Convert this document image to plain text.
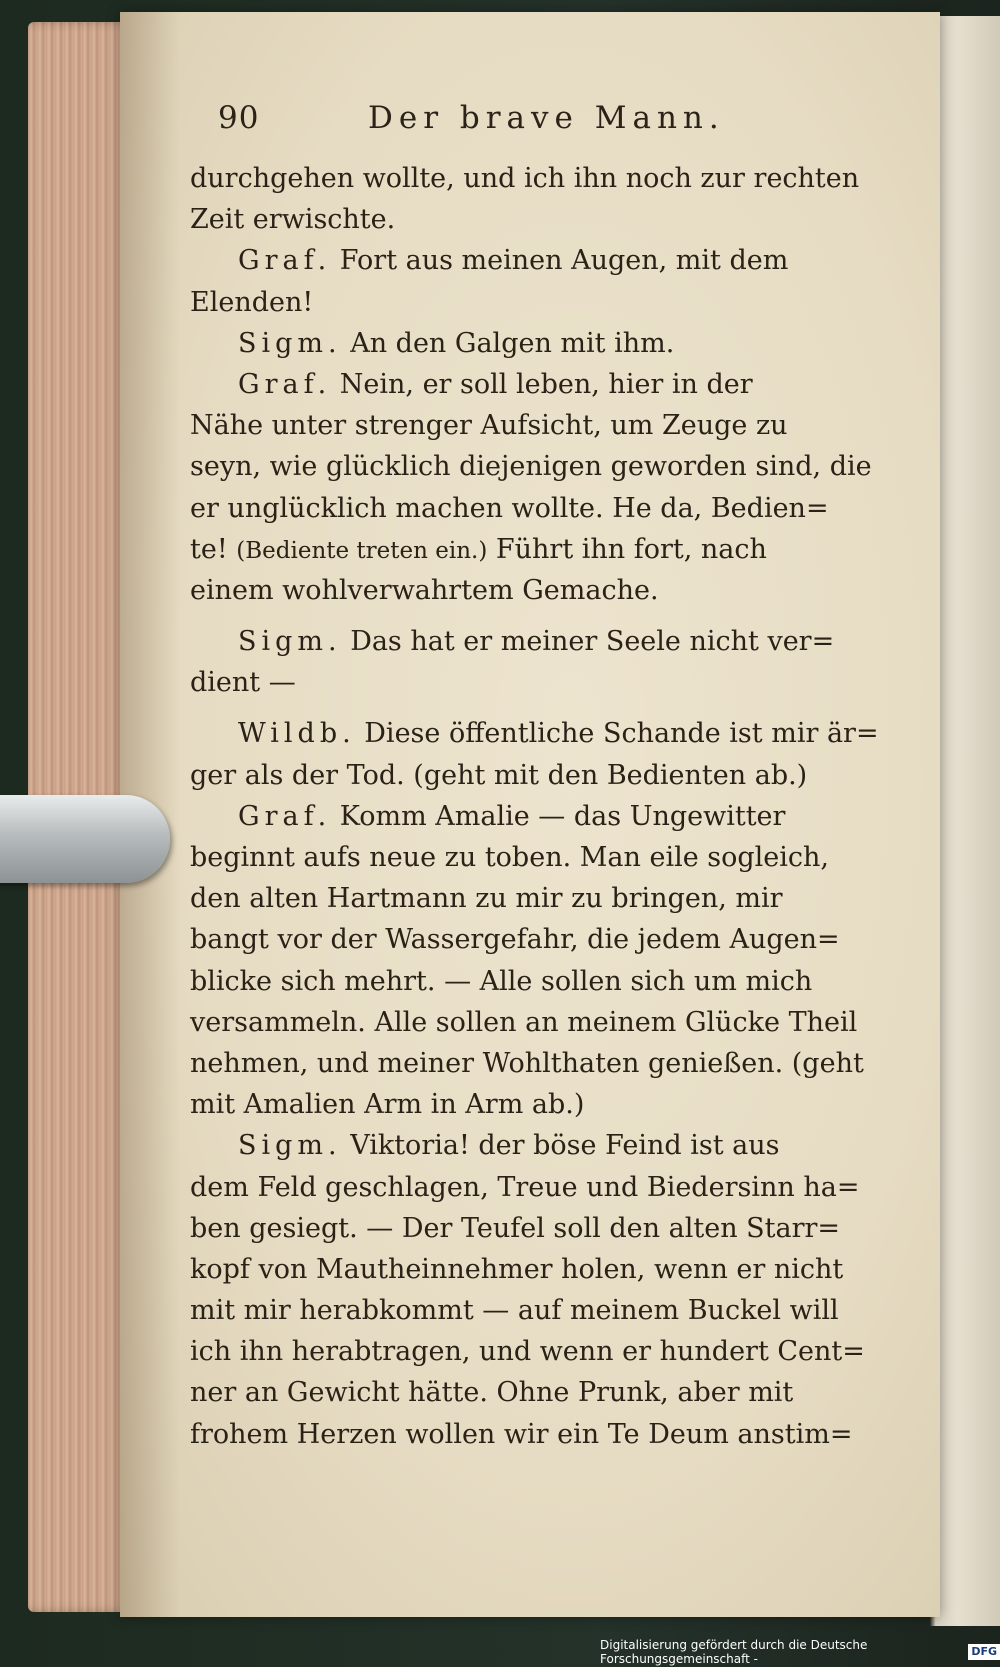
90	Der brave Mann.
durchgehen wollte, und ich ihn noch zur rechten
Zeit erwischte.
Graf. Fort aus meinen Augen, mit dem
Elenden!
Sigm. An den Galgen mit ihm.
Graf. Nein, er soll leben, hier in der
Nähe unter strenger Aufsicht, um Zeuge zu
seyn, wie glücklich diejenigen geworden sind, die
er unglücklich machen wollte. He da, Bedien=
te! (Bediente treten ein.) Führt ihn fort, nach
einem wohlverwahrtem Gemache.
Sigm. Das hat er meiner Seele nicht ver=
dient —
Wildb. Diese öffentliche Schande ist mir är=
ger als der Tod. (geht mit den Bedienten ab.)
Graf. Komm Amalie — das Ungewitter
beginnt aufs neue zu toben. Man eile sogleich,
den alten Hartmann zu mir zu bringen, mir
bangt vor der Wassergefahr, die jedem Augen=
blicke sich mehrt. — Alle sollen sich um mich
versammeln. Alle sollen an meinem Glücke Theil
nehmen, und meiner Wohlthaten genießen. (geht
mit Amalien Arm in Arm ab.)
Sigm. Viktoria! der böse Feind ist aus
dem Feld geschlagen, Treue und Biedersinn ha=
ben gesiegt. — Der Teufel soll den alten Starr=
kopf von Mautheinnehmer holen, wenn er nicht
mit mir herabkommt — auf meinem Buckel will
ich ihn herabtragen, und wenn er hundert Cent=
ner an Gewicht hätte. Ohne Prunk, aber mit
frohem Herzen wollen wir ein Te Deum anstim=
Digitalisierung gefördert durch die Deutsche Forschungsgemeinschaft -
DFG
